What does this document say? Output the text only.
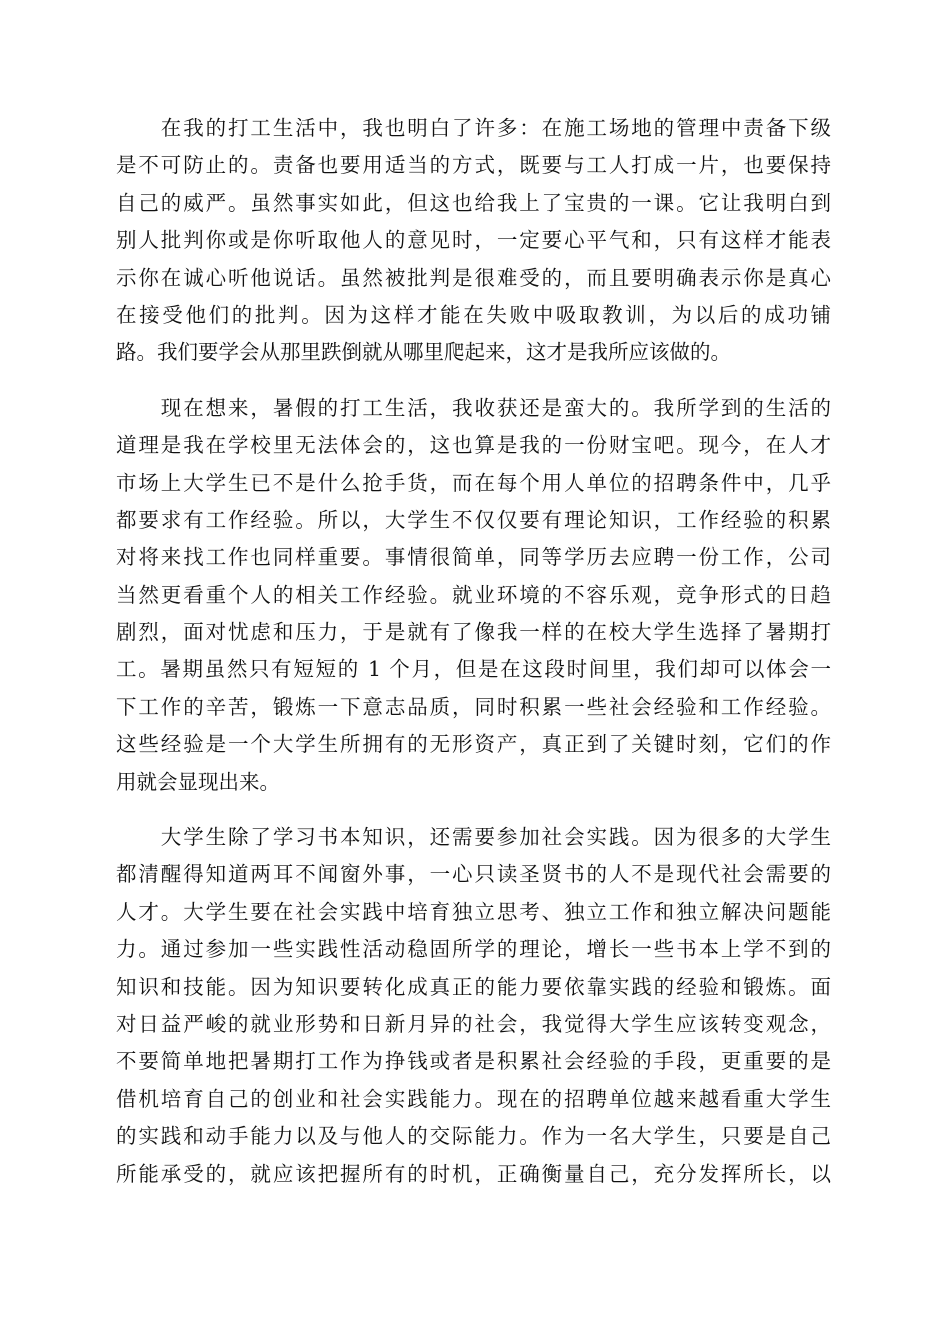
　　在我的打工生活中，我也明白了许多：在施工场地的管理中责备下级
是不可防止的。责备也要用适当的方式，既要与工人打成一片，也要保持
自己的威严。虽然事实如此，但这也给我上了宝贵的一课。它让我明白到
别人批判你或是你听取他人的意见时，一定要心平气和，只有这样才能表
示你在诚心听他说话。虽然被批判是很难受的，而且要明确表示你是真心
在接受他们的批判。因为这样才能在失败中吸取教训，为以后的成功铺
路。我们要学会从那里跌倒就从哪里爬起来，这才是我所应该做的。
　　现在想来，暑假的打工生活，我收获还是蛮大的。我所学到的生活的
道理是我在学校里无法体会的，这也算是我的一份财宝吧。现今，在人才
市场上大学生已不是什么抢手货，而在每个用人单位的招聘条件中，几乎
都要求有工作经验。所以，大学生不仅仅要有理论知识，工作经验的积累
对将来找工作也同样重要。事情很简单，同等学历去应聘一份工作，公司
当然更看重个人的相关工作经验。就业环境的不容乐观，竞争形式的日趋
剧烈，面对忧虑和压力，于是就有了像我一样的在校大学生选择了暑期打
工。暑期虽然只有短短的 1 个月，但是在这段时间里，我们却可以体会一
下工作的辛苦，锻炼一下意志品质，同时积累一些社会经验和工作经验。
这些经验是一个大学生所拥有的无形资产，真正到了关键时刻，它们的作
用就会显现出来。
　　大学生除了学习书本知识，还需要参加社会实践。因为很多的大学生
都清醒得知道两耳不闻窗外事，一心只读圣贤书的人不是现代社会需要的
人才。大学生要在社会实践中培育独立思考、独立工作和独立解决问题能
力。通过参加一些实践性活动稳固所学的理论，增长一些书本上学不到的
知识和技能。因为知识要转化成真正的能力要依靠实践的经验和锻炼。面
对日益严峻的就业形势和日新月异的社会，我觉得大学生应该转变观念，
不要简单地把暑期打工作为挣钱或者是积累社会经验的手段，更重要的是
借机培育自己的创业和社会实践能力。现在的招聘单位越来越看重大学生
的实践和动手能力以及与他人的交际能力。作为一名大学生，只要是自己
所能承受的，就应该把握所有的时机，正确衡量自己，充分发挥所长，以
